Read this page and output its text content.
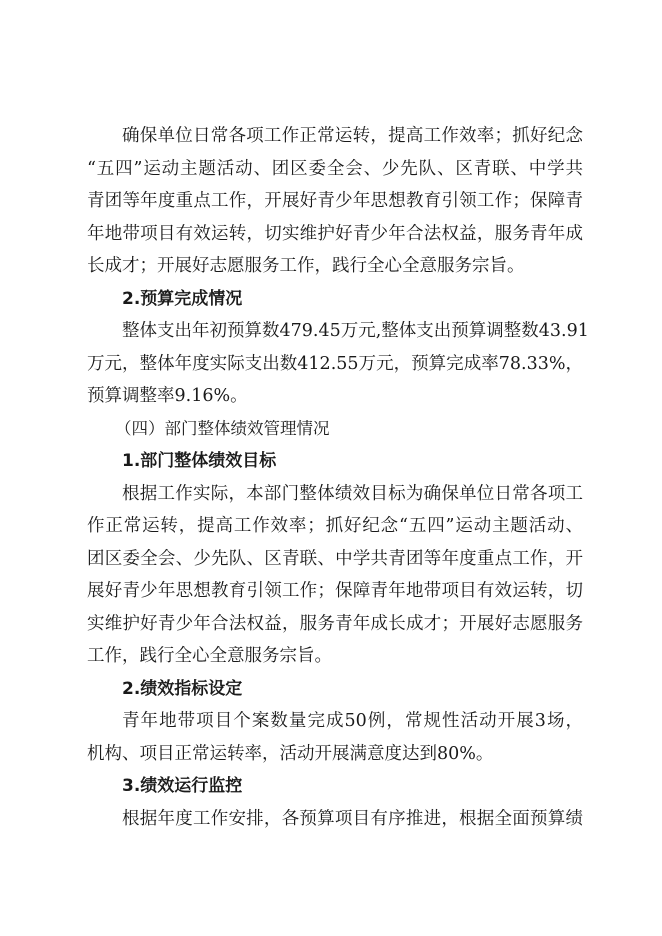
确保单位日常各项工作正常运转，提高工作效率；抓好纪念
“五四”运动主题活动、团区委全会、少先队、区青联、中学共
青团等年度重点工作，开展好青少年思想教育引领工作；保障青
年地带项目有效运转，切实维护好青少年合法权益，服务青年成
长成才；开展好志愿服务工作，践行全心全意服务宗旨。
2.预算完成情况
整体支出年初预算数479.45万元,整体支出预算调整数43.91
万元，整体年度实际支出数412.55万元，预算完成率78.33%，
预算调整率9.16%。
（四）部门整体绩效管理情况
1.部门整体绩效目标
根据工作实际，本部门整体绩效目标为确保单位日常各项工
作正常运转，提高工作效率；抓好纪念“五四”运动主题活动、
团区委全会、少先队、区青联、中学共青团等年度重点工作，开
展好青少年思想教育引领工作；保障青年地带项目有效运转，切
实维护好青少年合法权益，服务青年成长成才；开展好志愿服务
工作，践行全心全意服务宗旨。
2.绩效指标设定
青年地带项目个案数量完成50例，常规性活动开展3场，
机构、项目正常运转率，活动开展满意度达到80%。
3.绩效运行监控
根据年度工作安排，各预算项目有序推进，根据全面预算绩
